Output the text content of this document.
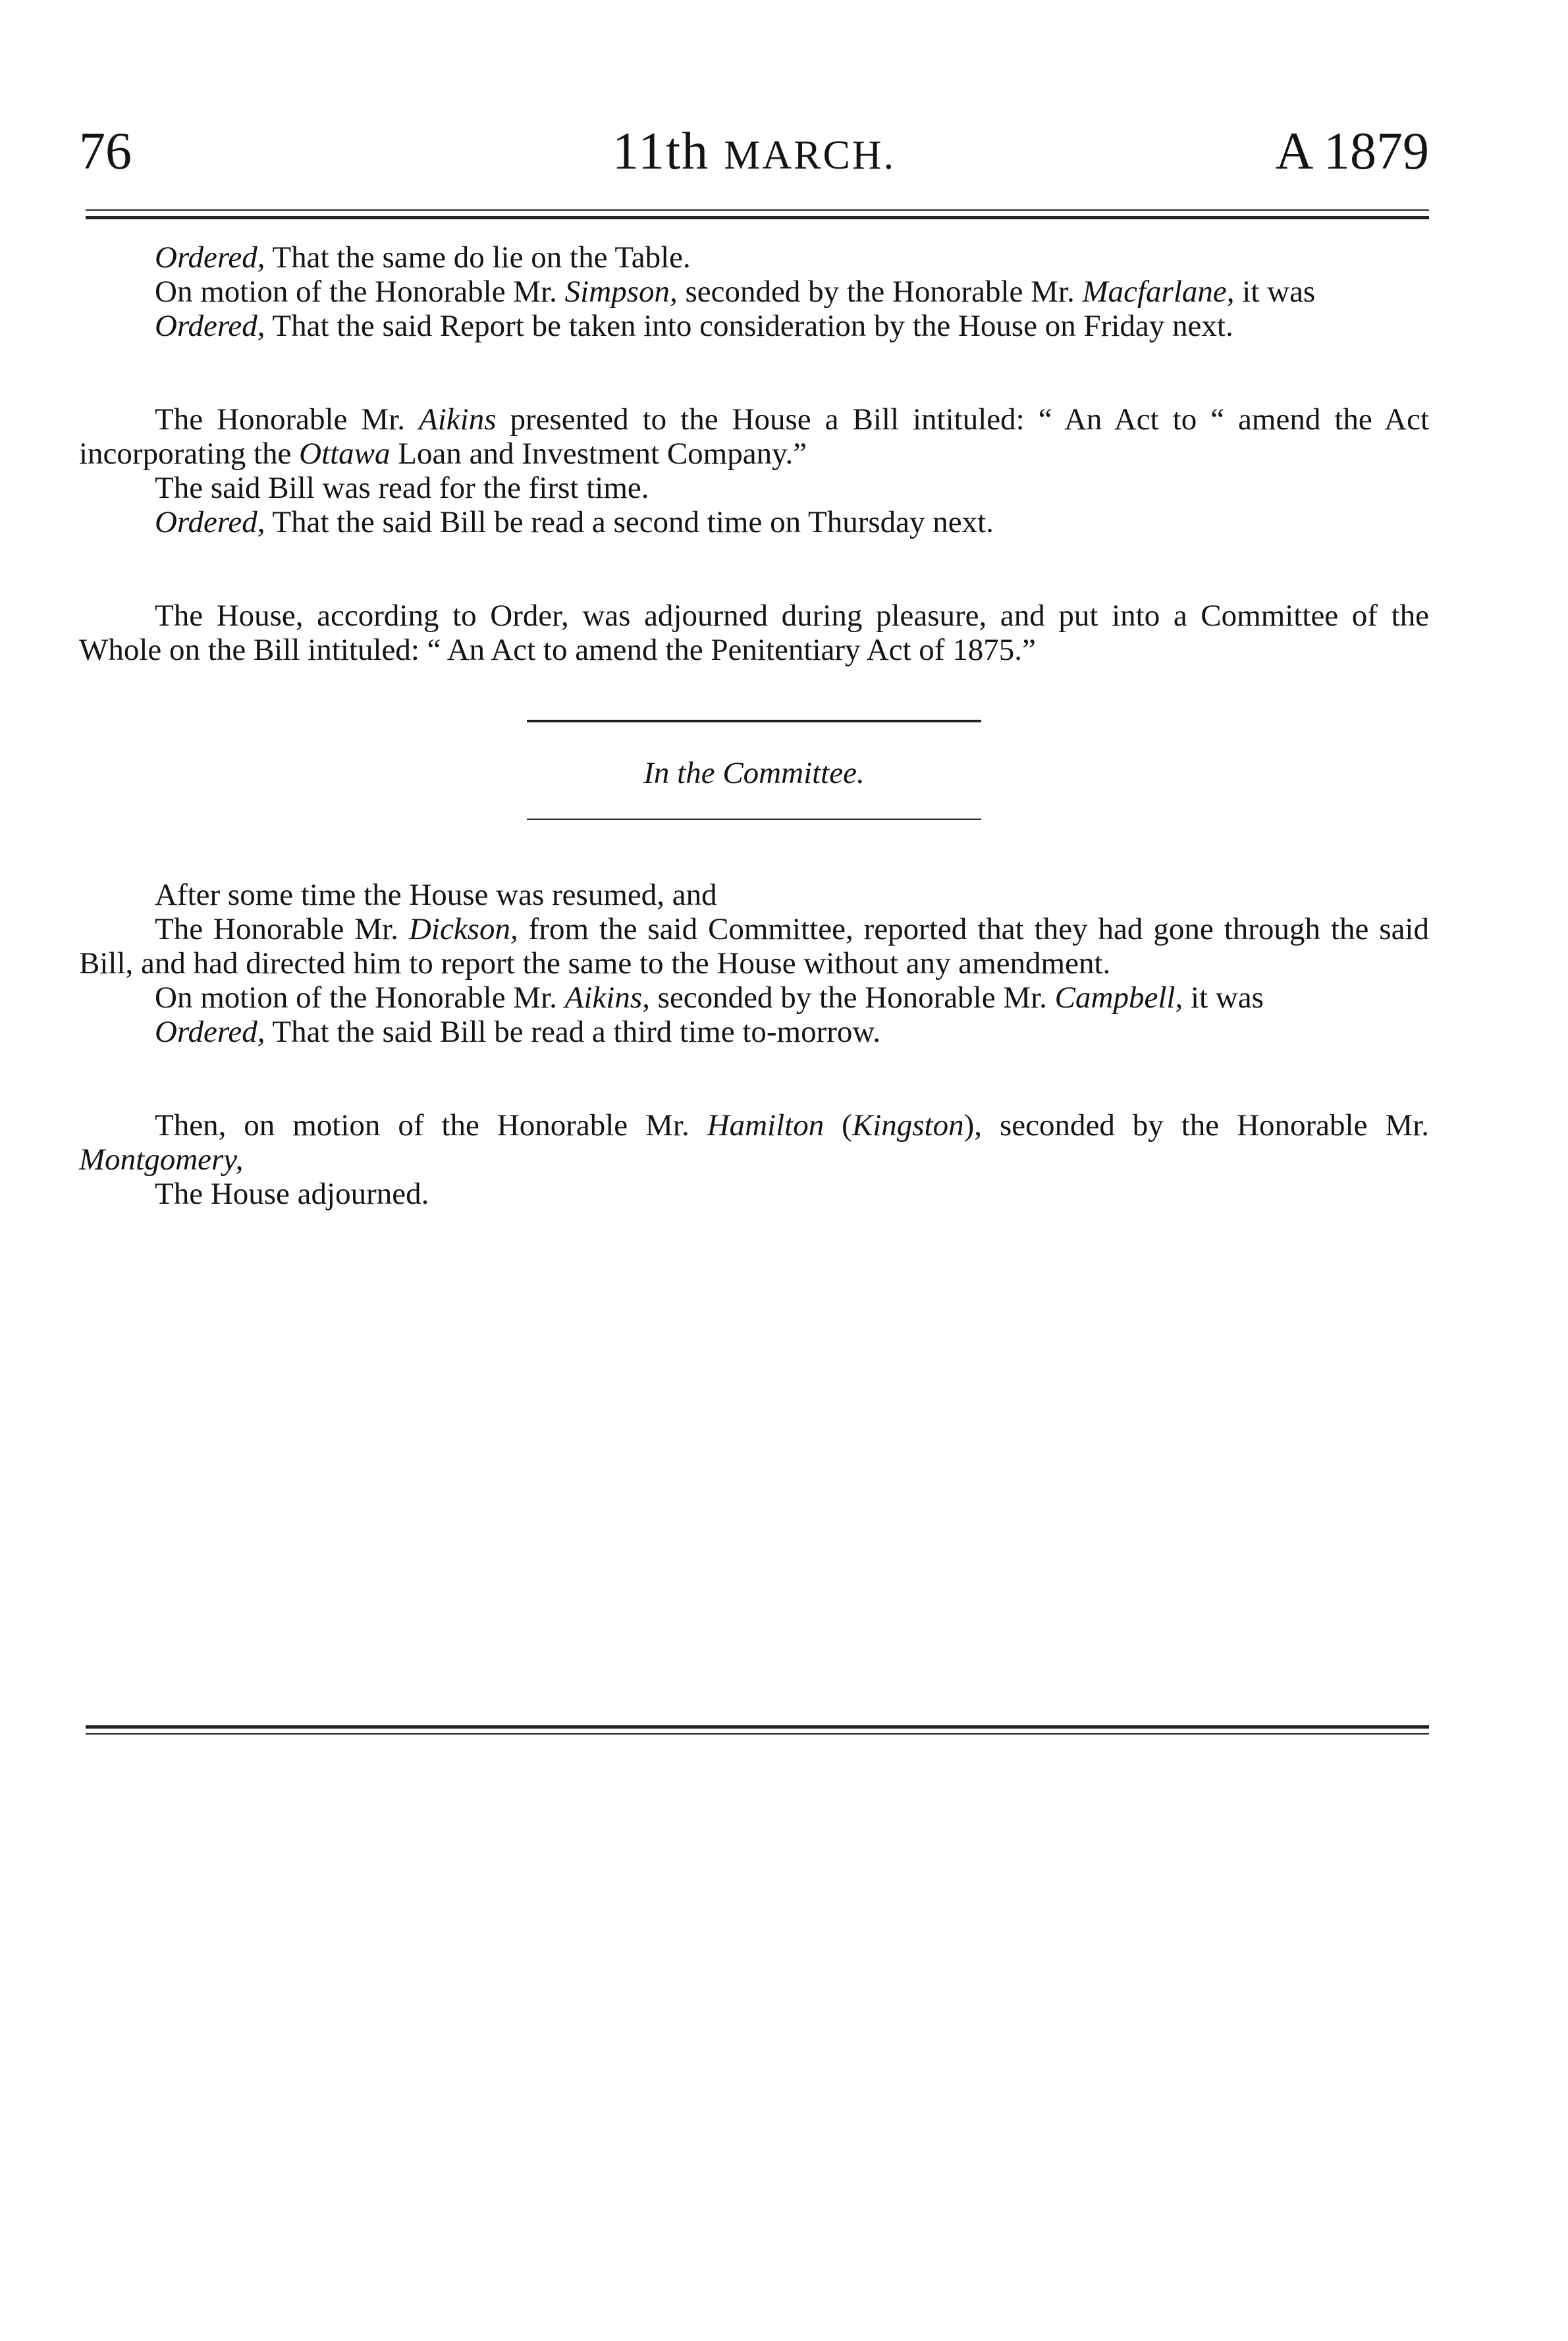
76	11th MARCH.	A 1879

Ordered, That the same do lie on the Table.

On motion of the Honorable Mr. Simpson, seconded by the Honorable Mr. Macfarlane, it was

Ordered, That the said Report be taken into consideration by the House on Friday next.

The Honorable Mr. Aikins presented to the House a Bill intituled: “ An Act to “ amend the Act incorporating the Ottawa Loan and Investment Company.”

The said Bill was read for the first time.

Ordered, That the said Bill be read a second time on Thursday next.

The House, according to Order, was adjourned during pleasure, and put into a Committee of the Whole on the Bill intituled: “ An Act to amend the Penitentiary Act of 1875.”

In the Committee.

After some time the House was resumed, and

The Honorable Mr. Dickson, from the said Committee, reported that they had gone through the said Bill, and had directed him to report the same to the House without any amendment.

On motion of the Honorable Mr. Aikins, seconded by the Honorable Mr. Campbell, it was

Ordered, That the said Bill be read a third time to-morrow.

Then, on motion of the Honorable Mr. Hamilton (Kingston), seconded by the Honorable Mr. Montgomery,

The House adjourned.
